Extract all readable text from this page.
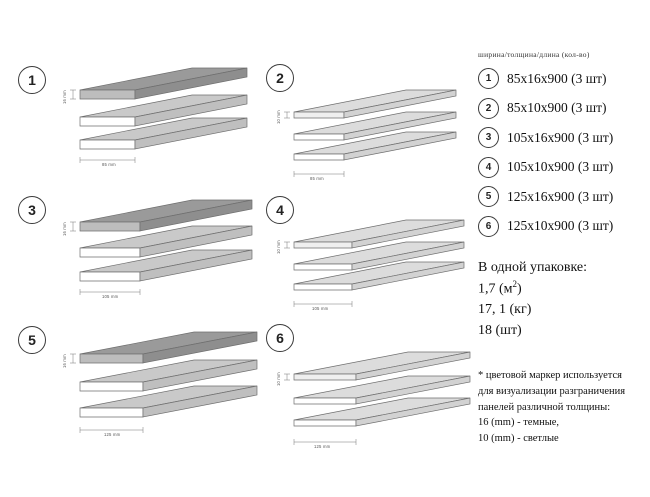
1
16 mm
85 mm
2
10 mm
85 mm
3
16 mm
105 mm
4
10 mm
105 mm
5
16 mm
125 mm
6
10 mm
125 mm
ширина/толщина/длина (кол-во)
1	85х16х900 (3 шт)
2	85х10х900 (3 шт)
3	105х16х900 (3 шт)
4	105х10х900 (3 шт)
5	125х16х900 (3 шт)
6	125х10х900 (3 шт)
В одной упаковке:
1,7 $(м^2)$
17, 1 (кг)
18 (шт)
* цветовой маркер используется
для визуализации разграничения
панелей различной толщины:
16 (mm) - темные,
10 (mm) - светлые
